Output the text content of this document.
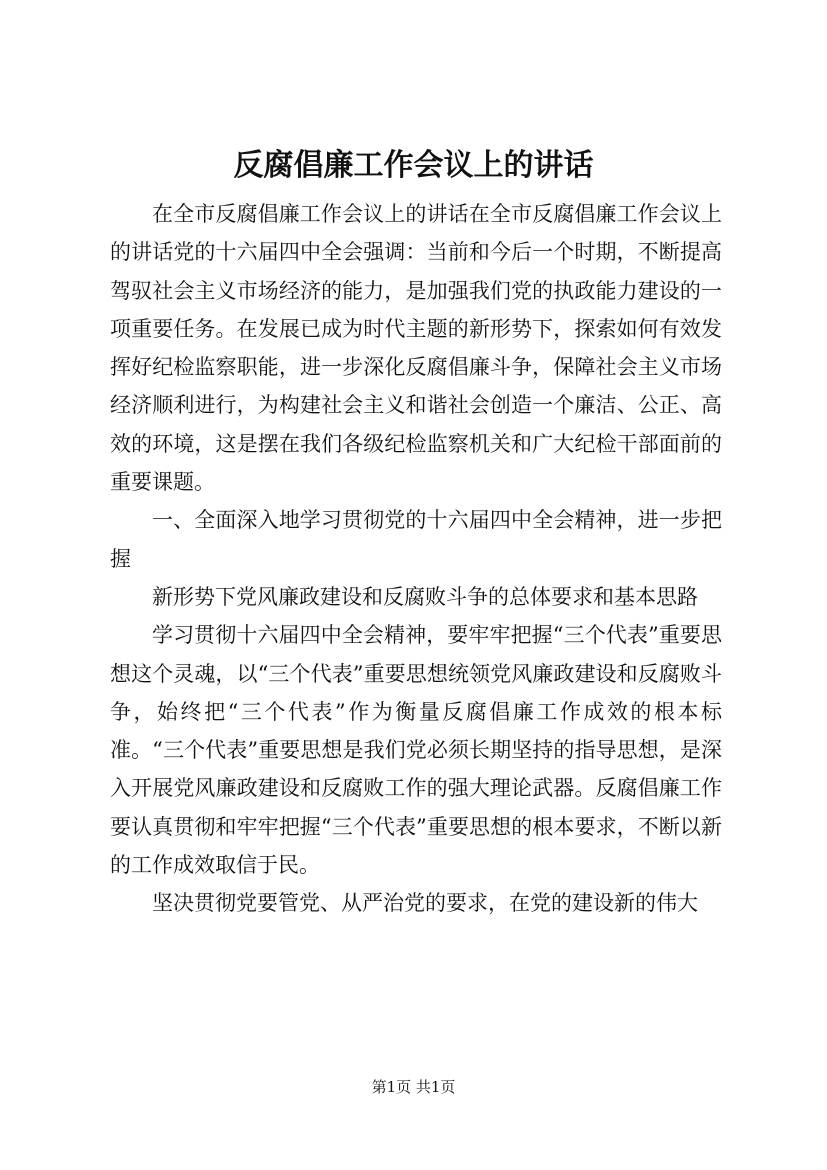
反腐倡廉工作会议上的讲话

在全市反腐倡廉工作会议上的讲话在全市反腐倡廉工作会议上的讲话党的十六届四中全会强调：当前和今后一个时期，不断提高驾驭社会主义市场经济的能力，是加强我们党的执政能力建设的一项重要任务。在发展已成为时代主题的新形势下，探索如何有效发挥好纪检监察职能，进一步深化反腐倡廉斗争，保障社会主义市场经济顺利进行，为构建社会主义和谐社会创造一个廉洁、公正、高效的环境，这是摆在我们各级纪检监察机关和广大纪检干部面前的重要课题。

一、全面深入地学习贯彻党的十六届四中全会精神，进一步把握

新形势下党风廉政建设和反腐败斗争的总体要求和基本思路

学习贯彻十六届四中全会精神，要牢牢把握“三个代表”重要思想这个灵魂，以“三个代表”重要思想统领党风廉政建设和反腐败斗争，始终把“三个代表”作为衡量反腐倡廉工作成效的根本标准。“三个代表”重要思想是我们党必须长期坚持的指导思想，是深入开展党风廉政建设和反腐败工作的强大理论武器。反腐倡廉工作要认真贯彻和牢牢把握“三个代表”重要思想的根本要求，不断以新的工作成效取信于民。

坚决贯彻党要管党、从严治党的要求，在党的建设新的伟大

第1页 共1页
